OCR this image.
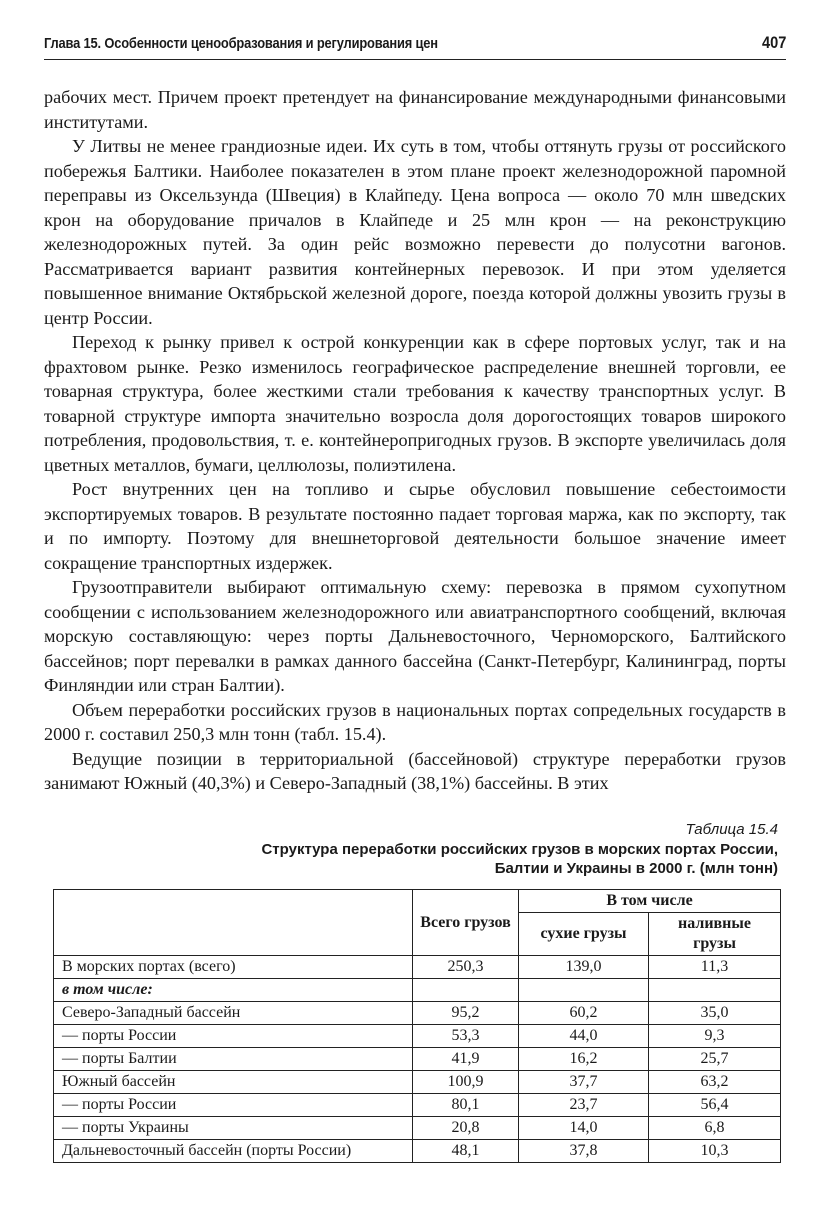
Глава 15. Особенности ценообразования и регулирования цен	407

рабочих мест. Причем проект претендует на финансирование международными финансовыми институтами.

У Литвы не менее грандиозные идеи. Их суть в том, чтобы оттянуть грузы от российского побережья Балтики. Наиболее показателен в этом плане проект железнодорожной паромной переправы из Оксельзунда (Швеция) в Клайпеду. Цена вопроса — около 70 млн шведских крон на оборудование причалов в Клайпеде и 25 млн крон — на реконструкцию железнодорожных путей. За один рейс возможно перевести до полусотни вагонов. Рассматривается вариант развития контейнерных перевозок. И при этом уделяется повышенное внимание Октябрьской железной дороге, поезда которой должны увозить грузы в центр России.

Переход к рынку привел к острой конкуренции как в сфере портовых услуг, так и на фрахтовом рынке. Резко изменилось географическое распределение внешней торговли, ее товарная структура, более жесткими стали требования к качеству транспортных услуг. В товарной структуре импорта значительно возросла доля дорогостоящих товаров широкого потребления, продовольствия, т. е. контейнеропригодных грузов. В экспорте увеличилась доля цветных металлов, бумаги, целлюлозы, полиэтилена.

Рост внутренних цен на топливо и сырье обусловил повышение себестоимости экспортируемых товаров. В результате постоянно падает торговая маржа, как по экспорту, так и по импорту. Поэтому для внешнеторговой деятельности большое значение имеет сокращение транспортных издержек.

Грузоотправители выбирают оптимальную схему: перевозка в прямом сухопутном сообщении с использованием железнодорожного или авиатранспортного сообщений, включая морскую составляющую: через порты Дальневосточного, Черноморского, Балтийского бассейнов; порт перевалки в рамках данного бассейна (Санкт-Петербург, Калининград, порты Финляндии или стран Балтии).

Объем переработки российских грузов в национальных портах сопредельных государств в 2000 г. составил 250,3 млн тонн (табл. 15.4).

Ведущие позиции в территориальной (бассейновой) структуре переработки грузов занимают Южный (40,3%) и Северо-Западный (38,1%) бассейны. В этих

Таблица 15.4
Структура переработки российских грузов в морских портах России,
Балтии и Украины в 2000 г. (млн тонн)
	Всего грузов	В том числе	
		сухие грузы	наливные грузы
В морских портах (всего)	250,3	139,0	11,3
в том числе:			
Северо-Западный бассейн	95,2	60,2	35,0
— порты России	53,3	44,0	9,3
— порты Балтии	41,9	16,2	25,7
Южный бассейн	100,9	37,7	63,2
— порты России	80,1	23,7	56,4
— порты Украины	20,8	14,0	6,8
Дальневосточный бассейн (порты России)	48,1	37,8	10,3
